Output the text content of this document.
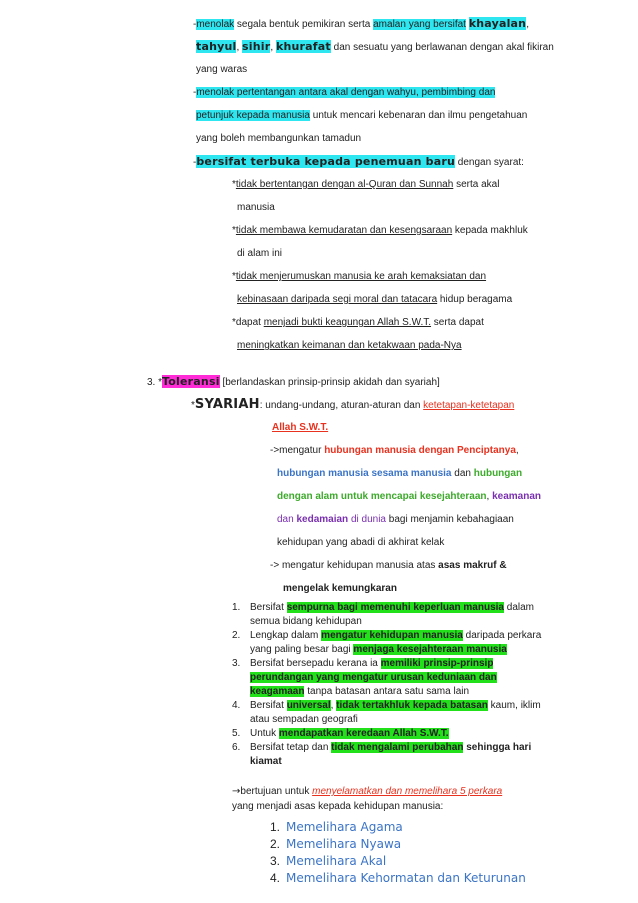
-menolak segala bentuk pemikiran serta amalan yang bersifat khayalan,
tahyul, sihir, khurafat dan sesuatu yang berlawanan dengan akal fikiran
yang waras
-menolak pertentangan antara akal dengan wahyu, pembimbing dan
petunjuk kepada manusia untuk mencari kebenaran dan ilmu pengetahuan
yang boleh membangunkan tamadun
-bersifat terbuka kepada penemuan baru dengan syarat:
*tidak bertentangan dengan al-Quran dan Sunnah serta akal
manusia
*tidak membawa kemudaratan dan kesengsaraan kepada makhluk
di alam ini
*tidak menjerumuskan manusia ke arah kemaksiatan dan
kebinasaan daripada segi moral dan tatacara hidup beragama
*dapat menjadi bukti keagungan Allah S.W.T. serta dapat
meningkatkan keimanan dan ketakwaan pada-Nya
3. *Toleransi [berlandaskan prinsip-prinsip akidah dan syariah]
*SYARIAH: undang-undang, aturan-aturan dan ketetapan-ketetapan
Allah S.W.T.
->mengatur hubungan manusia dengan Penciptanya,
hubungan manusia sesama manusia dan hubungan
dengan alam untuk mencapai kesejahteraan, keamanan
dan kedamaian di dunia bagi menjamin kebahagiaan
kehidupan yang abadi di akhirat kelak
-> mengatur kehidupan manusia atas asas makruf &
mengelak kemungkaran
1. Bersifat sempurna bagi memenuhi keperluan manusia dalam
semua bidang kehidupan
2. Lengkap dalam mengatur kehidupan manusia daripada perkara
yang paling besar bagi menjaga kesejahteraan manusia
3. Bersifat bersepadu kerana ia memiliki prinsip-prinsip
perundangan yang mengatur urusan keduniaan dan
keagamaan tanpa batasan antara satu sama lain
4. Bersifat universal, tidak tertakhluk kepada batasan kaum, iklim
atau sempadan geografi
5. Untuk mendapatkan keredaan Allah S.W.T.
6. Bersifat tetap dan tidak mengalami perubahan sehingga hari
kiamat
→bertujuan untuk menyelamatkan dan memelihara 5 perkara
yang menjadi asas kepada kehidupan manusia:
1. Memelihara Agama
2. Memelihara Nyawa
3. Memelihara Akal
4. Memelihara Kehormatan dan Keturunan
